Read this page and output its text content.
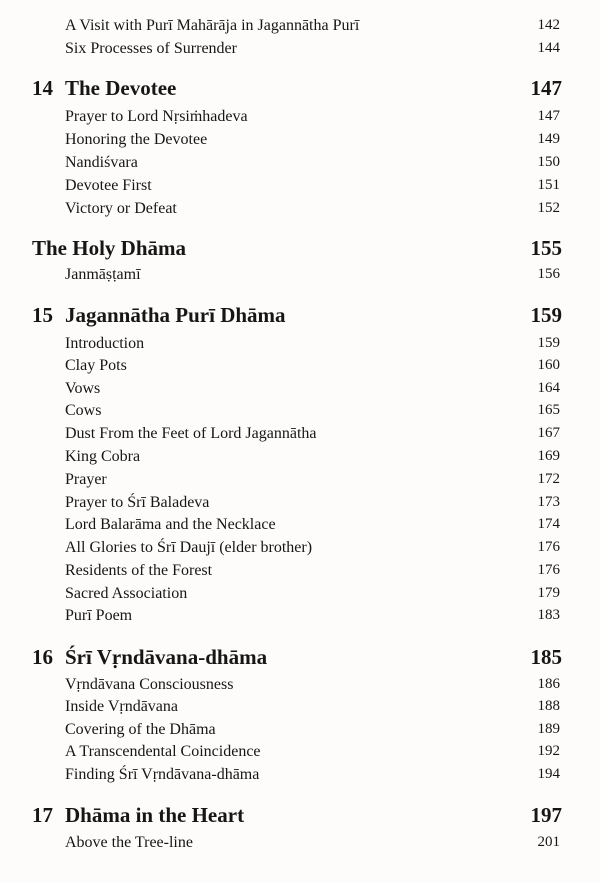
A Visit with Purī Mahārāja in Jagannātha Purī	142
Six Processes of Surrender	144
14 The Devotee	147
Prayer to Lord Nṛsiṁhadeva	147
Honoring the Devotee	149
Nandiśvara	150
Devotee First	151
Victory or Defeat	152
The Holy Dhāma	155
Janmāṣṭamī	156
15 Jagannātha Purī Dhāma	159
Introduction	159
Clay Pots	160
Vows	164
Cows	165
Dust From the Feet of Lord Jagannātha	167
King Cobra	169
Prayer	172
Prayer to Śrī Baladeva	173
Lord Balarāma and the Necklace	174
All Glories to Śrī Daujī (elder brother)	176
Residents of the Forest	176
Sacred Association	179
Purī Poem	183
16 Śrī Vṛndāvana-dhāma	185
Vṛndāvana Consciousness	186
Inside Vṛndāvana	188
Covering of the Dhāma	189
A Transcendental Coincidence	192
Finding Śrī Vṛndāvana-dhāma	194
17 Dhāma in the Heart	197
Above the Tree-line	201
